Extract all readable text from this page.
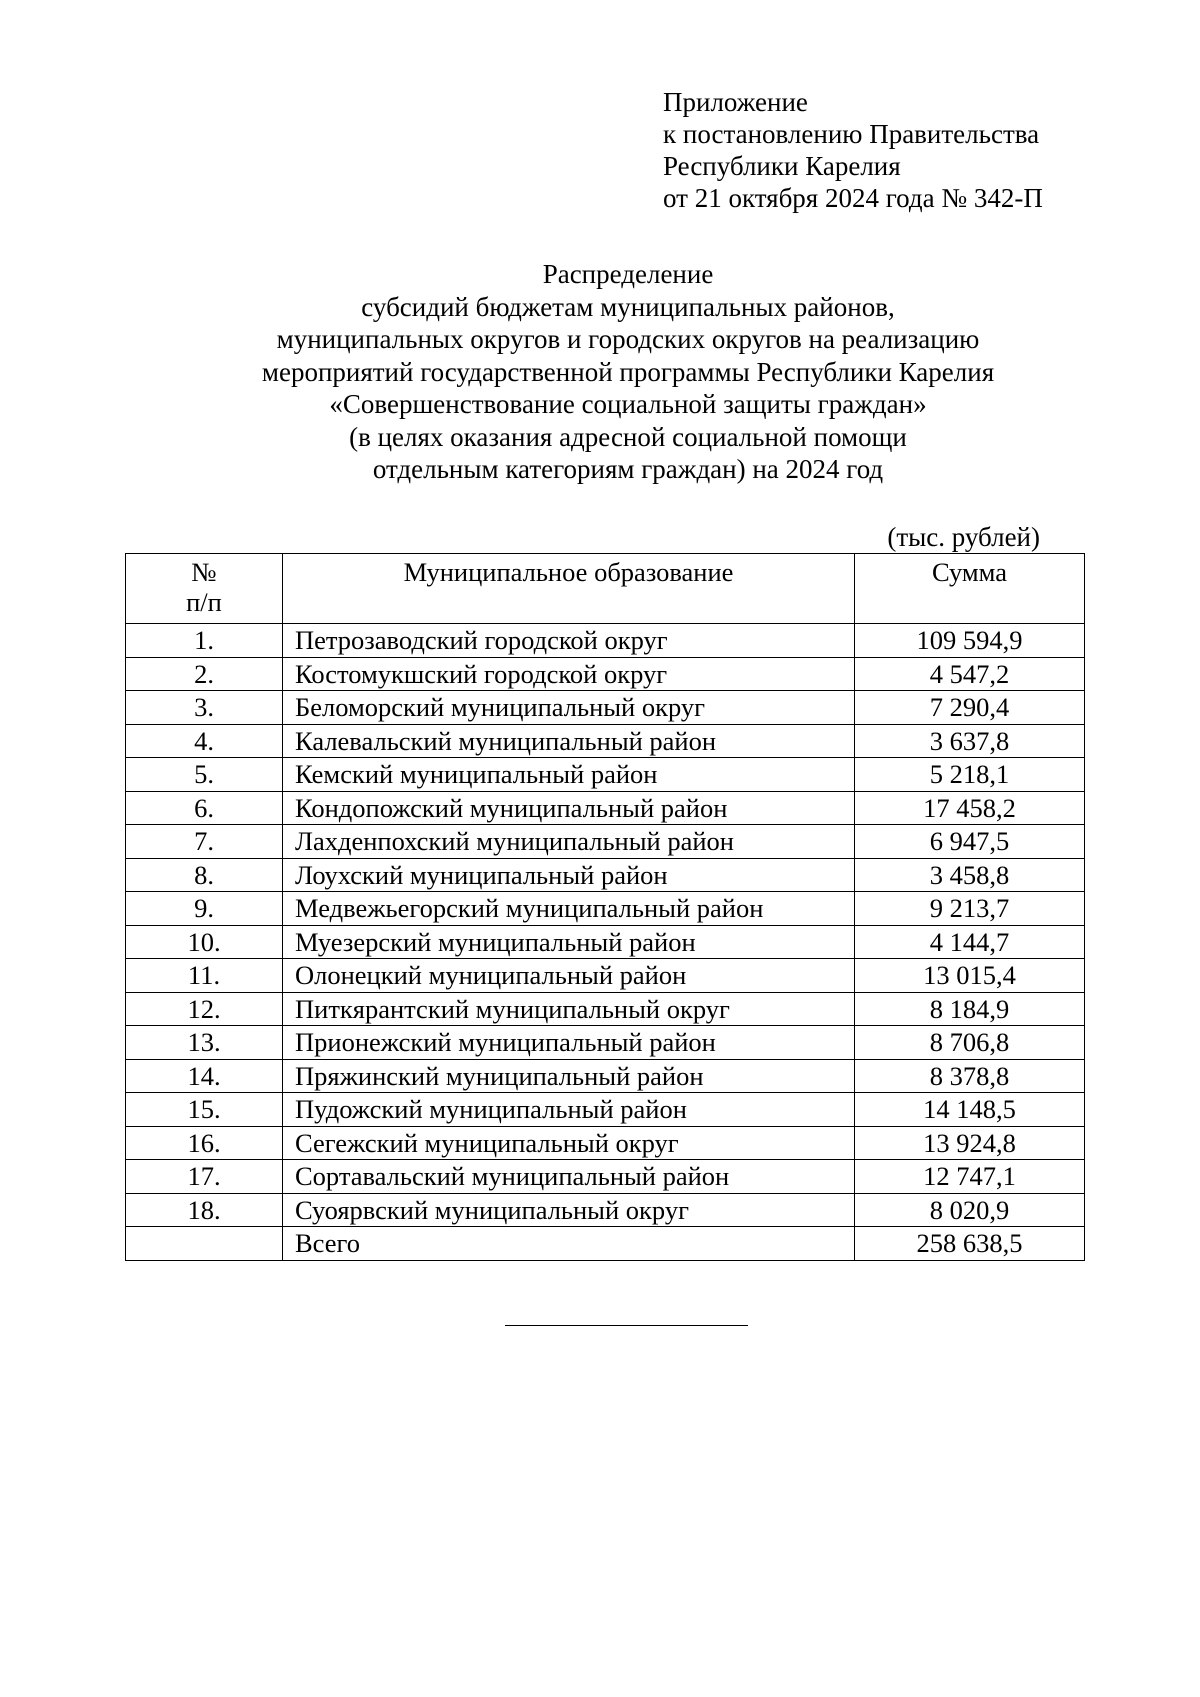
Приложение
к постановлению Правительства
Республики Карелия
от 21 октября 2024 года № 342-П
Распределение
субсидий бюджетам муниципальных районов,
муниципальных округов и городских округов на реализацию
мероприятий государственной программы Республики Карелия
«Совершенствование социальной защиты граждан»
(в целях оказания адресной социальной помощи
отдельным категориям граждан) на 2024 год
(тыс. рублей)
№
п/п	Муниципальное образование	Сумма
1.	Петрозаводский городской округ	109 594,9
2.	Костомукшский городской округ	4 547,2
3.	Беломорский муниципальный округ	7 290,4
4.	Калевальский муниципальный район	3 637,8
5.	Кемский муниципальный район	5 218,1
6.	Кондопожский муниципальный район	17 458,2
7.	Лахденпохский муниципальный район	6 947,5
8.	Лоухский муниципальный район	3 458,8
9.	Медвежьегорский муниципальный район	9 213,7
10.	Муезерский муниципальный район	4 144,7
11.	Олонецкий муниципальный район	13 015,4
12.	Питкярантский муниципальный округ	8 184,9
13.	Прионежский муниципальный район	8 706,8
14.	Пряжинский муниципальный район	8 378,8
15.	Пудожский муниципальный район	14 148,5
16.	Сегежский муниципальный округ	13 924,8
17.	Сортавальский муниципальный район	12 747,1
18.	Суоярвский муниципальный округ	8 020,9
	Всего	258 638,5
